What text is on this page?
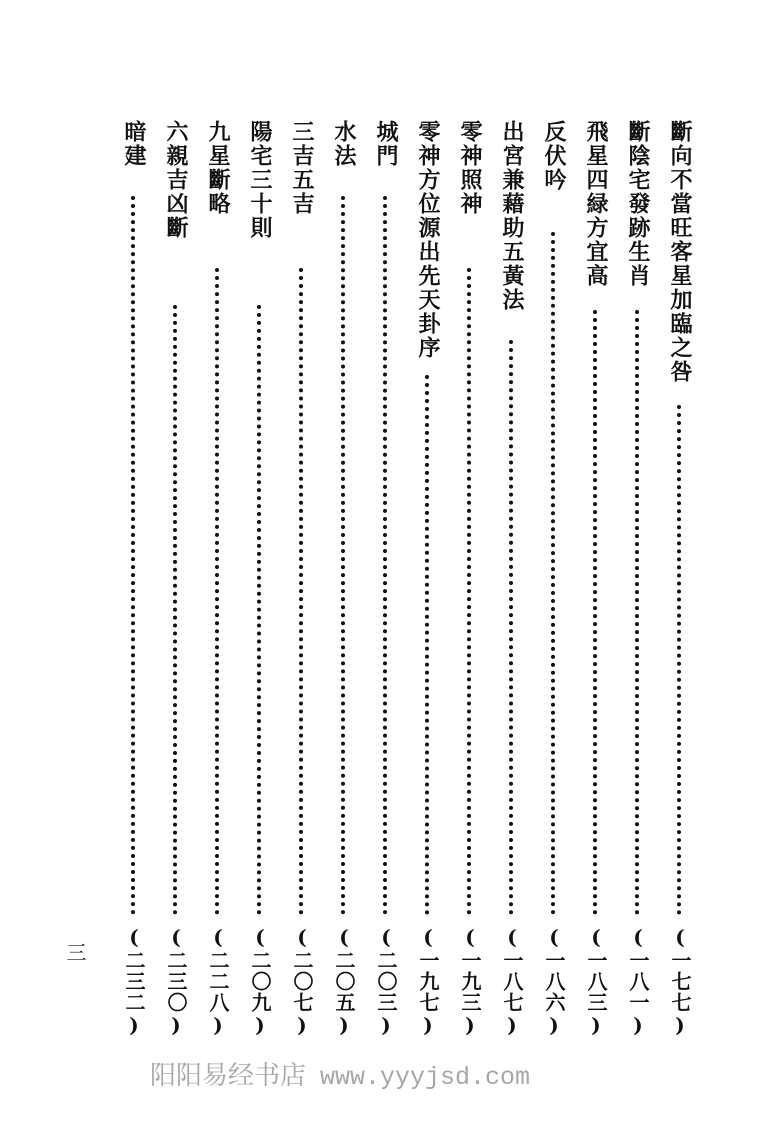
斷向不當旺客星加臨之咎
(一七七)
斷陰宅發跡生肖
(一八一)
飛星四緑方宜高
(一八三)
反伏吟
(一八六)
出宮兼藉助五黃法
(一八七)
零神照神
(一九三)
零神方位源出先天卦序
(一九七)
城門
(二〇三)
水法
(二〇五)
三吉五吉
(二〇七)
陽宅三十則
(二〇九)
九星斷略
(二二八)
六親吉凶斷
(二三〇)
暗建
(二三二)
三
阳阳易经书店 www.yyyjsd.com
